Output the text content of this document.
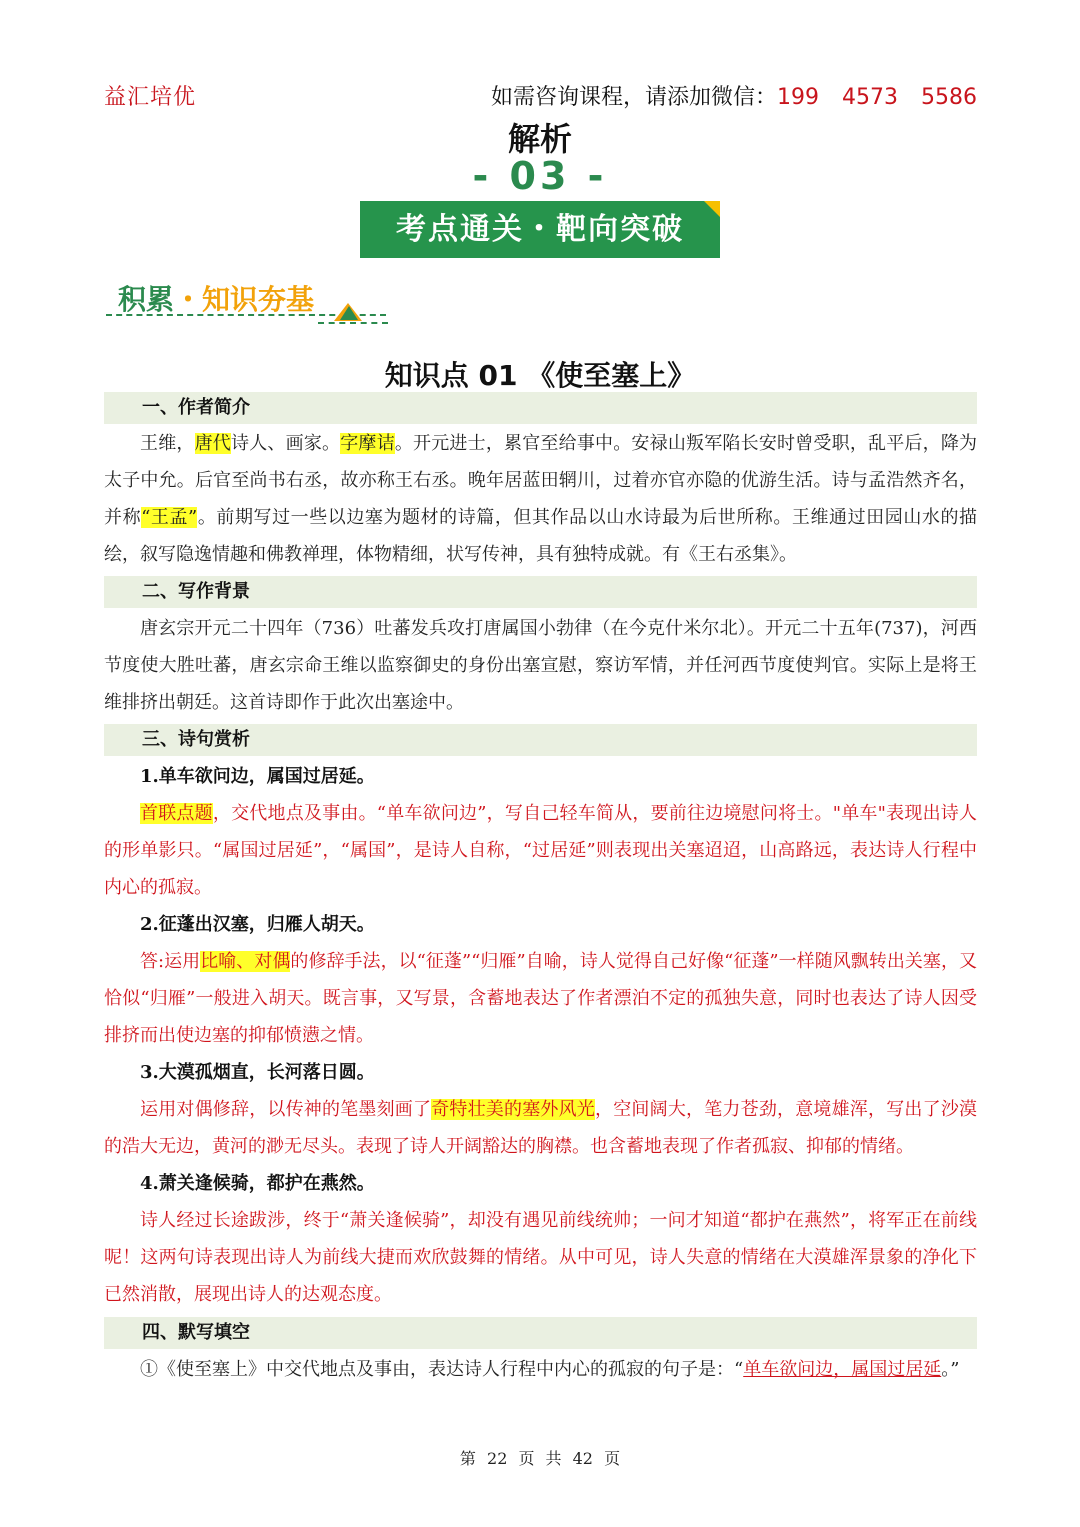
益汇培优	如需咨询课程，请添加微信：199 4573 5586
解析
- 03 -
考点通关・靶向突破
积累・知识夯基
知识点 01 《使至塞上》
一、作者简介
王维，唐代诗人、画家。字摩诘。开元进士，累官至给事中。安禄山叛军陷长安时曾受职，乱平后，降为太子中允。后官至尚书右丞，故亦称王右丞。晚年居蓝田辋川，过着亦官亦隐的优游生活。诗与孟浩然齐名，并称“王孟”。前期写过一些以边塞为题材的诗篇，但其作品以山水诗最为后世所称。王维通过田园山水的描绘，叙写隐逸情趣和佛教禅理，体物精细，状写传神，具有独特成就。有《王右丞集》。
二、写作背景
唐玄宗开元二十四年（736）吐蕃发兵攻打唐属国小勃律（在今克什米尔北）。开元二十五年(737)，河西节度使大胜吐蕃，唐玄宗命王维以监察御史的身份出塞宣慰，察访军情，并任河西节度使判官。实际上是将王维排挤出朝廷。这首诗即作于此次出塞途中。
三、诗句赏析
1.单车欲问边，属国过居延。
首联点题，交代地点及事由。“单车欲问边”，写自己轻车简从，要前往边境慰问将士。"单车"表现出诗人的形单影只。“属国过居延”，“属国”，是诗人自称，“过居延”则表现出关塞迢迢，山高路远，表达诗人行程中内心的孤寂。
2.征蓬出汉塞，归雁人胡天。
答:运用比喻、对偶的修辞手法，以“征蓬”“归雁”自喻，诗人觉得自己好像“征蓬”一样随风飘转出关塞，又恰似“归雁”一般进入胡天。既言事，又写景，含蓄地表达了作者漂泊不定的孤独失意，同时也表达了诗人因受排挤而出使边塞的抑郁愤懑之情。
3.大漠孤烟直，长河落日圆。
运用对偶修辞，以传神的笔墨刻画了奇特壮美的塞外风光，空间阔大，笔力苍劲，意境雄浑，写出了沙漠的浩大无边，黄河的渺无尽头。表现了诗人开阔豁达的胸襟。也含蓄地表现了作者孤寂、抑郁的情绪。
4.萧关逢候骑，都护在燕然。
诗人经过长途跋涉，终于“萧关逢候骑”，却没有遇见前线统帅；一问才知道“都护在燕然”，将军正在前线呢！这两句诗表现出诗人为前线大捷而欢欣鼓舞的情绪。从中可见，诗人失意的情绪在大漠雄浑景象的净化下已然消散，展现出诗人的达观态度。
四、默写填空
①《使至塞上》中交代地点及事由，表达诗人行程中内心的孤寂的句子是：“单车欲问边，属国过居延。”
第 22 页 共 42 页
